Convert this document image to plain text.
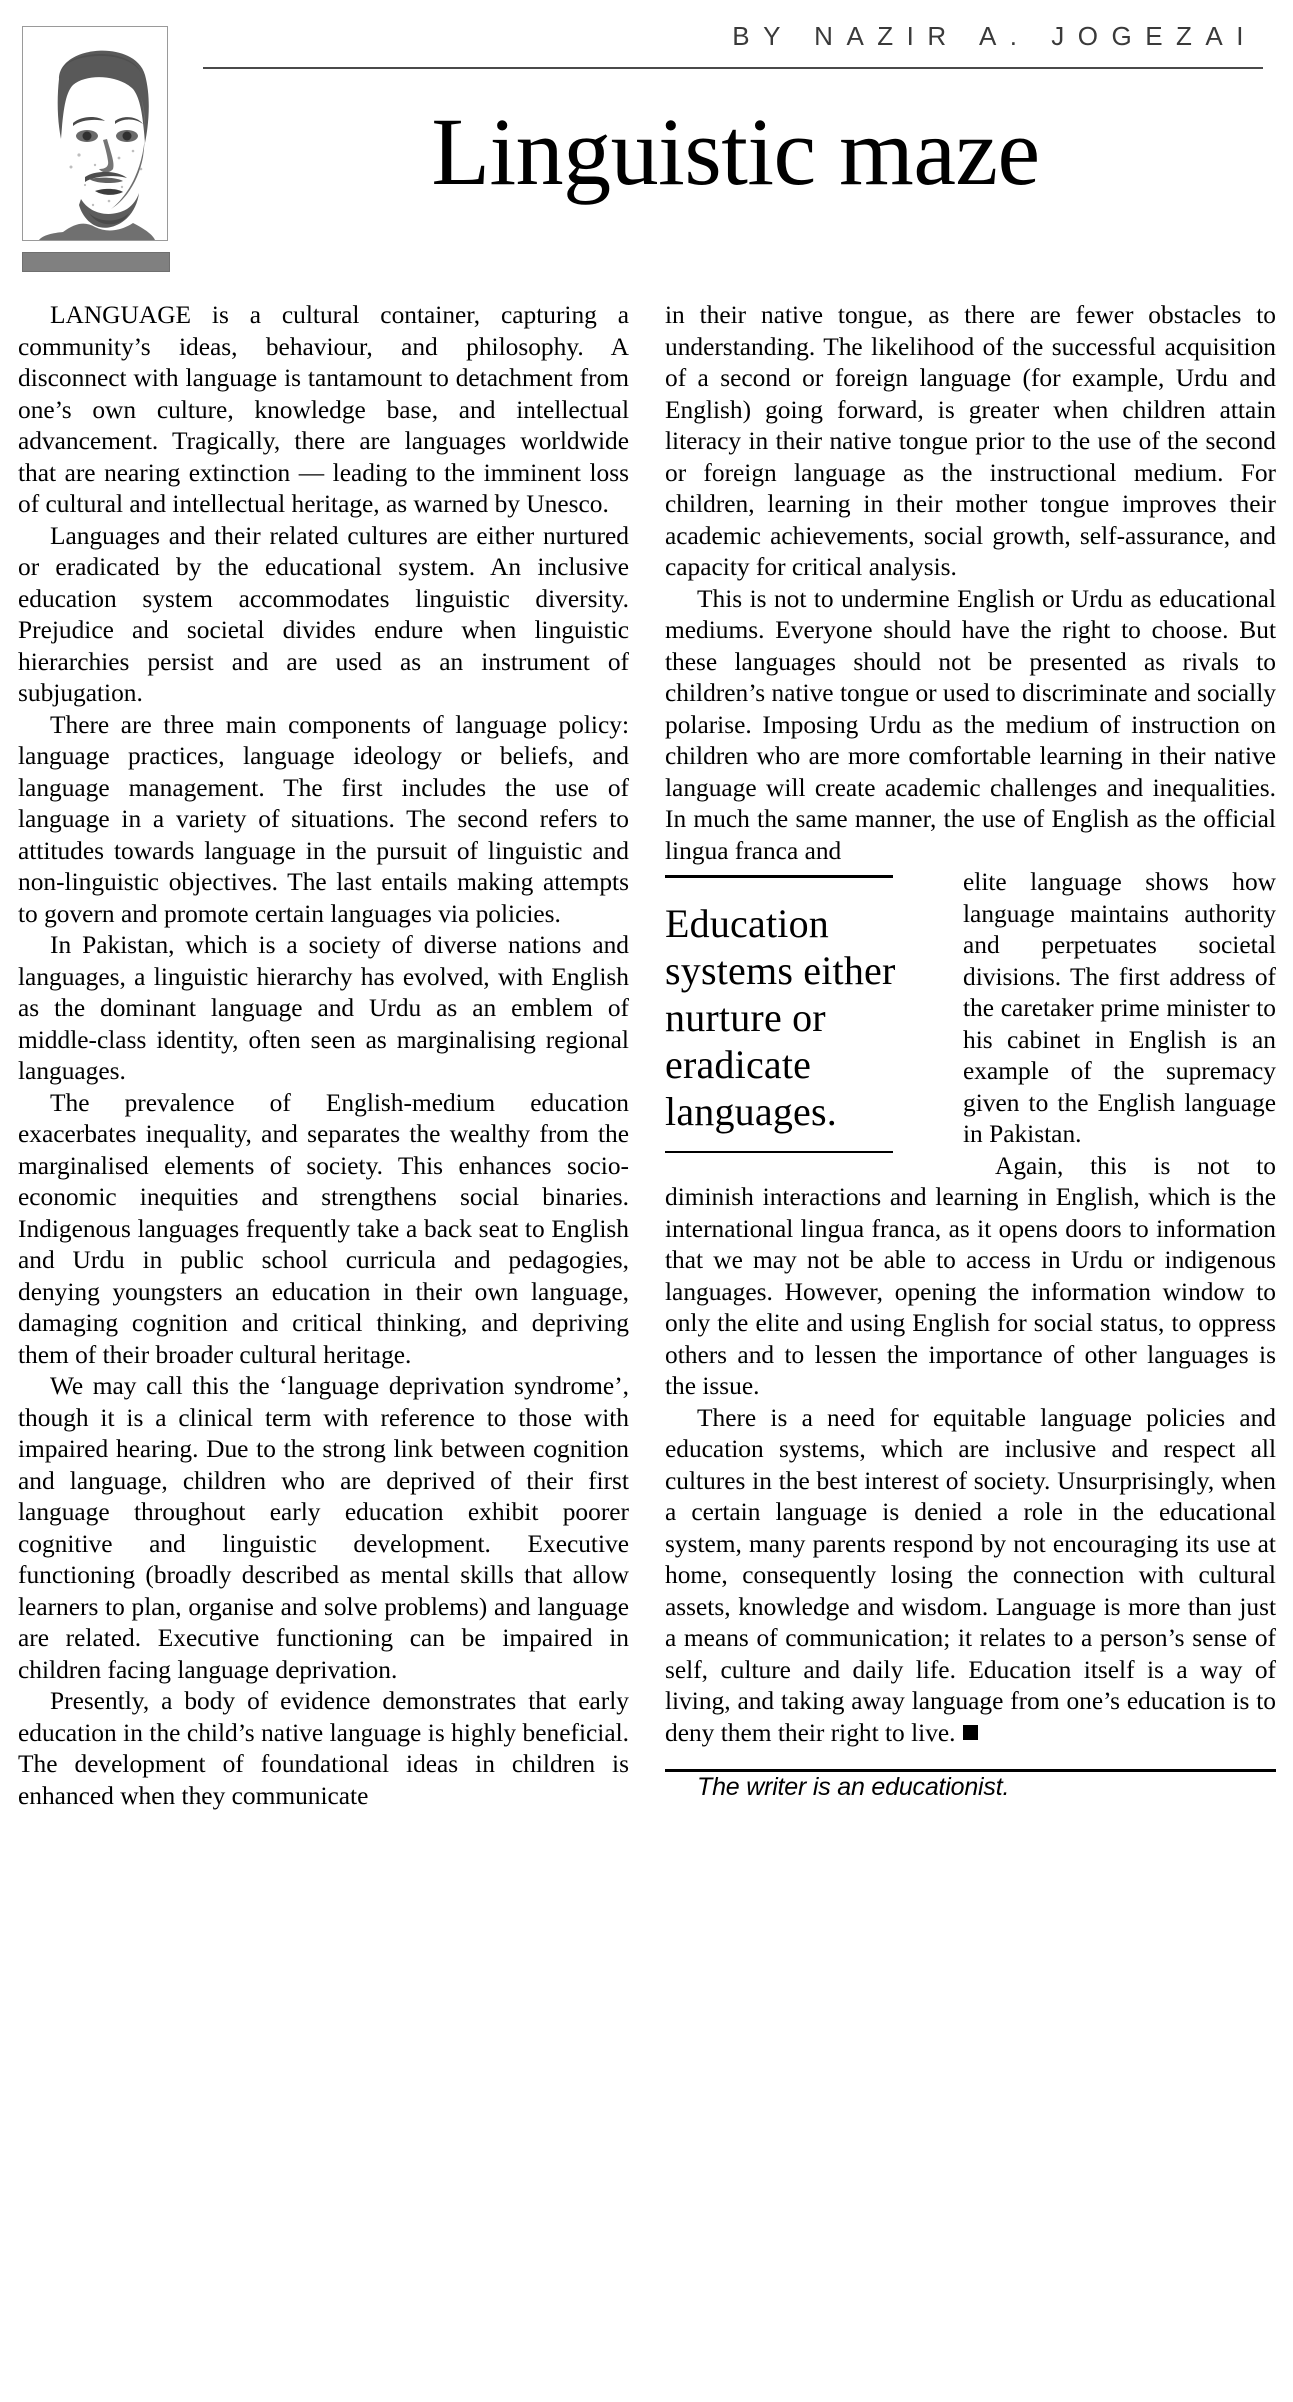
BY NAZIR A. JOGEZAI
Linguistic maze

LANGUAGE is a cultural container, capturing a community’s ideas, behaviour, and philosophy. A disconnect with language is tantamount to detachment from one’s own culture, knowledge base, and intellectual advancement. Tragically, there are languages worldwide that are nearing extinction — leading to the imminent loss of cultural and intellectual heritage, as warned by Unesco.

Languages and their related cultures are either nurtured or eradicated by the educational system. An inclusive education system accommodates linguistic diversity. Prejudice and societal divides endure when linguistic hierarchies persist and are used as an instrument of subjugation.

There are three main components of language policy: language practices, language ideology or beliefs, and language management. The first includes the use of language in a variety of situations. The second refers to attitudes towards language in the pursuit of linguistic and non-linguistic objectives. The last entails making attempts to govern and promote certain languages via policies.

In Pakistan, which is a society of diverse nations and languages, a linguistic hierarchy has evolved, with English as the dominant language and Urdu as an emblem of middle-class identity, often seen as marginalising regional languages.

The prevalence of English-medium education exacerbates inequality, and separates the wealthy from the marginalised elements of society. This enhances socio-economic inequities and strengthens social binaries. Indigenous languages frequently take a back seat to English and Urdu in public school curricula and pedagogies, denying youngsters an education in their own language, damaging cognition and critical thinking, and depriving them of their broader cultural heritage.

We may call this the ‘language deprivation syndrome’, though it is a clinical term with reference to those with impaired hearing. Due to the strong link between cognition and language, children who are deprived of their first language throughout early education exhibit poorer cognitive and linguistic development. Executive functioning (broadly described as mental skills that allow learners to plan, organise and solve problems) and language are related. Executive functioning can be impaired in children facing language deprivation.

Presently, a body of evidence demonstrates that early education in the child’s native language is highly beneficial. The development of foundational ideas in children is enhanced when they communicate

in their native tongue, as there are fewer obstacles to understanding. The likelihood of the successful acquisition of a second or foreign language (for example, Urdu and English) going forward, is greater when children attain literacy in their native tongue prior to the use of the second or foreign language as the instructional medium. For children, learning in their mother tongue improves their academic achievements, social growth, self-assurance, and capacity for critical analysis.

This is not to undermine English or Urdu as educational mediums. Everyone should have the right to choose. But these languages should not be presented as rivals to children’s native tongue or used to discriminate and socially polarise. Imposing Urdu as the medium of instruction on children who are more comfortable learning in their native language will create academic challenges and inequalities. In much the same manner, the use of English as the official lingua franca and

Education systems either nurture or eradicate languages.

elite language shows how language maintains authority and perpetuates societal divisions. The first address of the caretaker prime minister to his cabinet in English is an example of the supremacy given to the English language in Pakistan.

Again, this is not to diminish interactions and learning in English, which is the international lingua franca, as it opens doors to information that we may not be able to access in Urdu or indigenous languages. However, opening the information window to only the elite and using English for social status, to oppress others and to lessen the importance of other languages is the issue.

There is a need for equitable language policies and education systems, which are inclusive and respect all cultures in the best interest of society. Unsurprisingly, when a certain language is denied a role in the educational system, many parents respond by not encouraging its use at home, consequently losing the connection with cultural assets, knowledge and wisdom. Language is more than just a means of communication; it relates to a person’s sense of self, culture and daily life. Education itself is a way of living, and taking away language from one’s education is to deny them their right to live.

The writer is an educationist.
